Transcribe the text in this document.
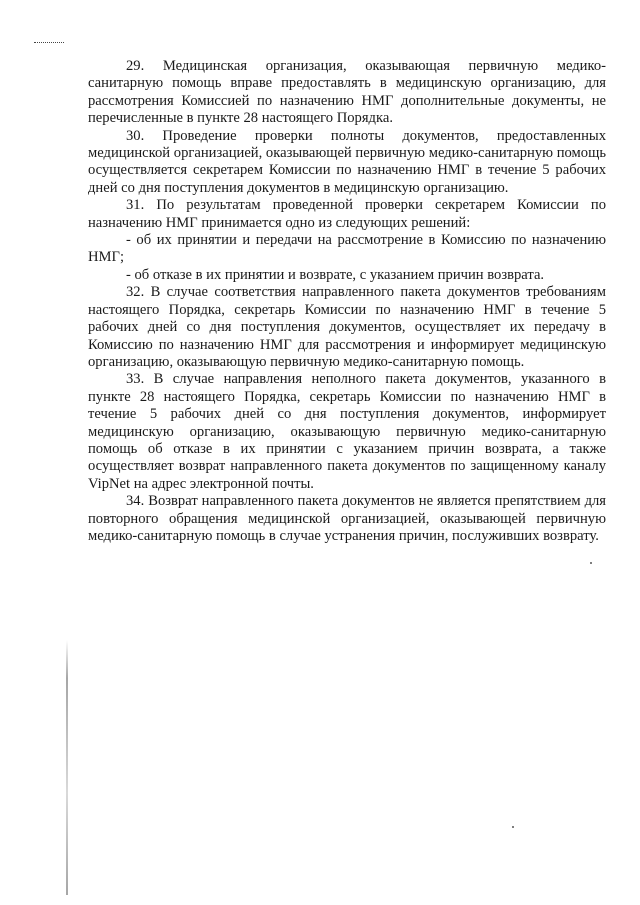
29. Медицинская организация, оказывающая первичную медико-санитарную помощь вправе предоставлять в медицинскую организацию, для рассмотрения Комиссией по назначению НМГ дополнительные документы, не перечисленные в пункте 28 настоящего Порядка.

30. Проведение проверки полноты документов, предоставленных медицинской организацией, оказывающей первичную медико-санитарную помощь осуществляется секретарем Комиссии по назначению НМГ в течение 5 рабочих дней со дня поступления документов в медицинскую организацию.

31. По результатам проведенной проверки секретарем Комиссии по назначению НМГ принимается одно из следующих решений:

- об их принятии и передачи на рассмотрение в Комиссию по назначению НМГ;

- об отказе в их принятии и возврате, с указанием причин возврата.

32. В случае соответствия направленного пакета документов требованиям настоящего Порядка, секретарь Комиссии по назначению НМГ в течение 5 рабочих дней со дня поступления документов, осуществляет их передачу в Комиссию по назначению НМГ для рассмотрения и информирует медицинскую организацию, оказывающую первичную медико-санитарную помощь.

33. В случае направления неполного пакета документов, указанного в пункте 28 настоящего Порядка, секретарь Комиссии по назначению НМГ в течение 5 рабочих дней со дня поступления документов, информирует медицинскую организацию, оказывающую первичную медико-санитарную помощь об отказе в их принятии с указанием причин возврата, а также осуществляет возврат направленного пакета документов по защищенному каналу VipNet на адрес электронной почты.

34. Возврат направленного пакета документов не является препятствием для повторного обращения медицинской организацией, оказывающей первичную медико-санитарную помощь в случае устранения причин, послуживших возврату.
